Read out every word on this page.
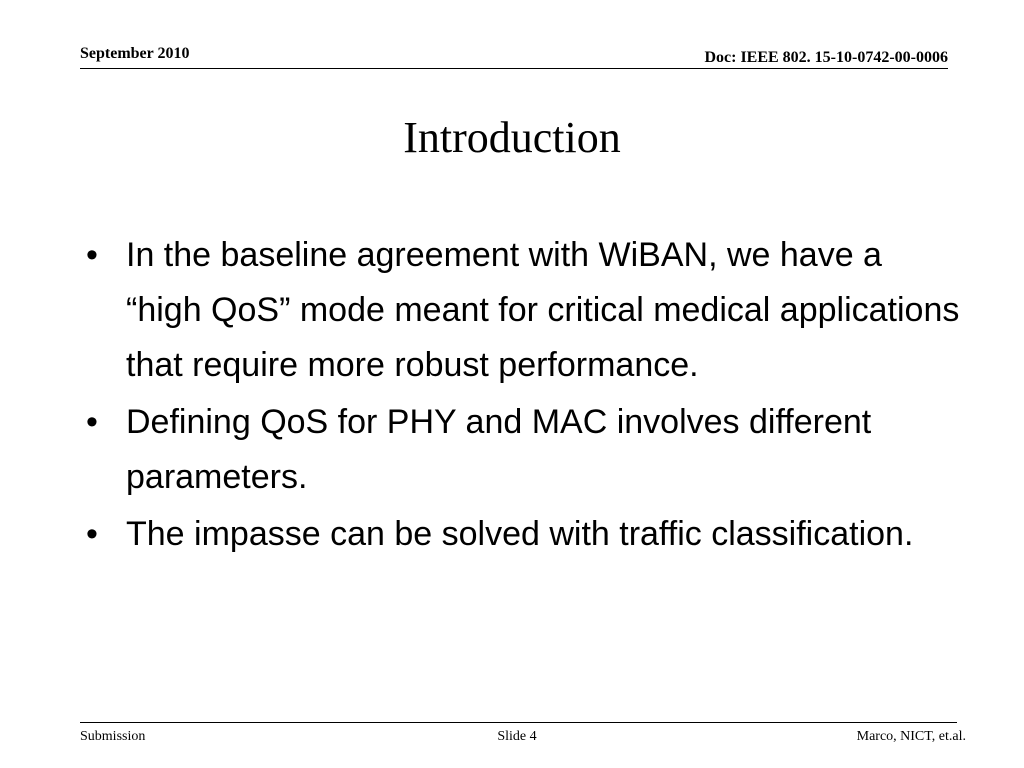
September 2010	Doc: IEEE 802. 15-10-0742-00-0006
Introduction
• In the baseline agreement with WiBAN, we have a “high QoS” mode meant for critical medical applications that require more robust performance.
• Defining QoS for PHY and MAC involves different parameters.
• The impasse can be solved with traffic classification.
Submission	Slide 4	Marco, NICT, et.al.
